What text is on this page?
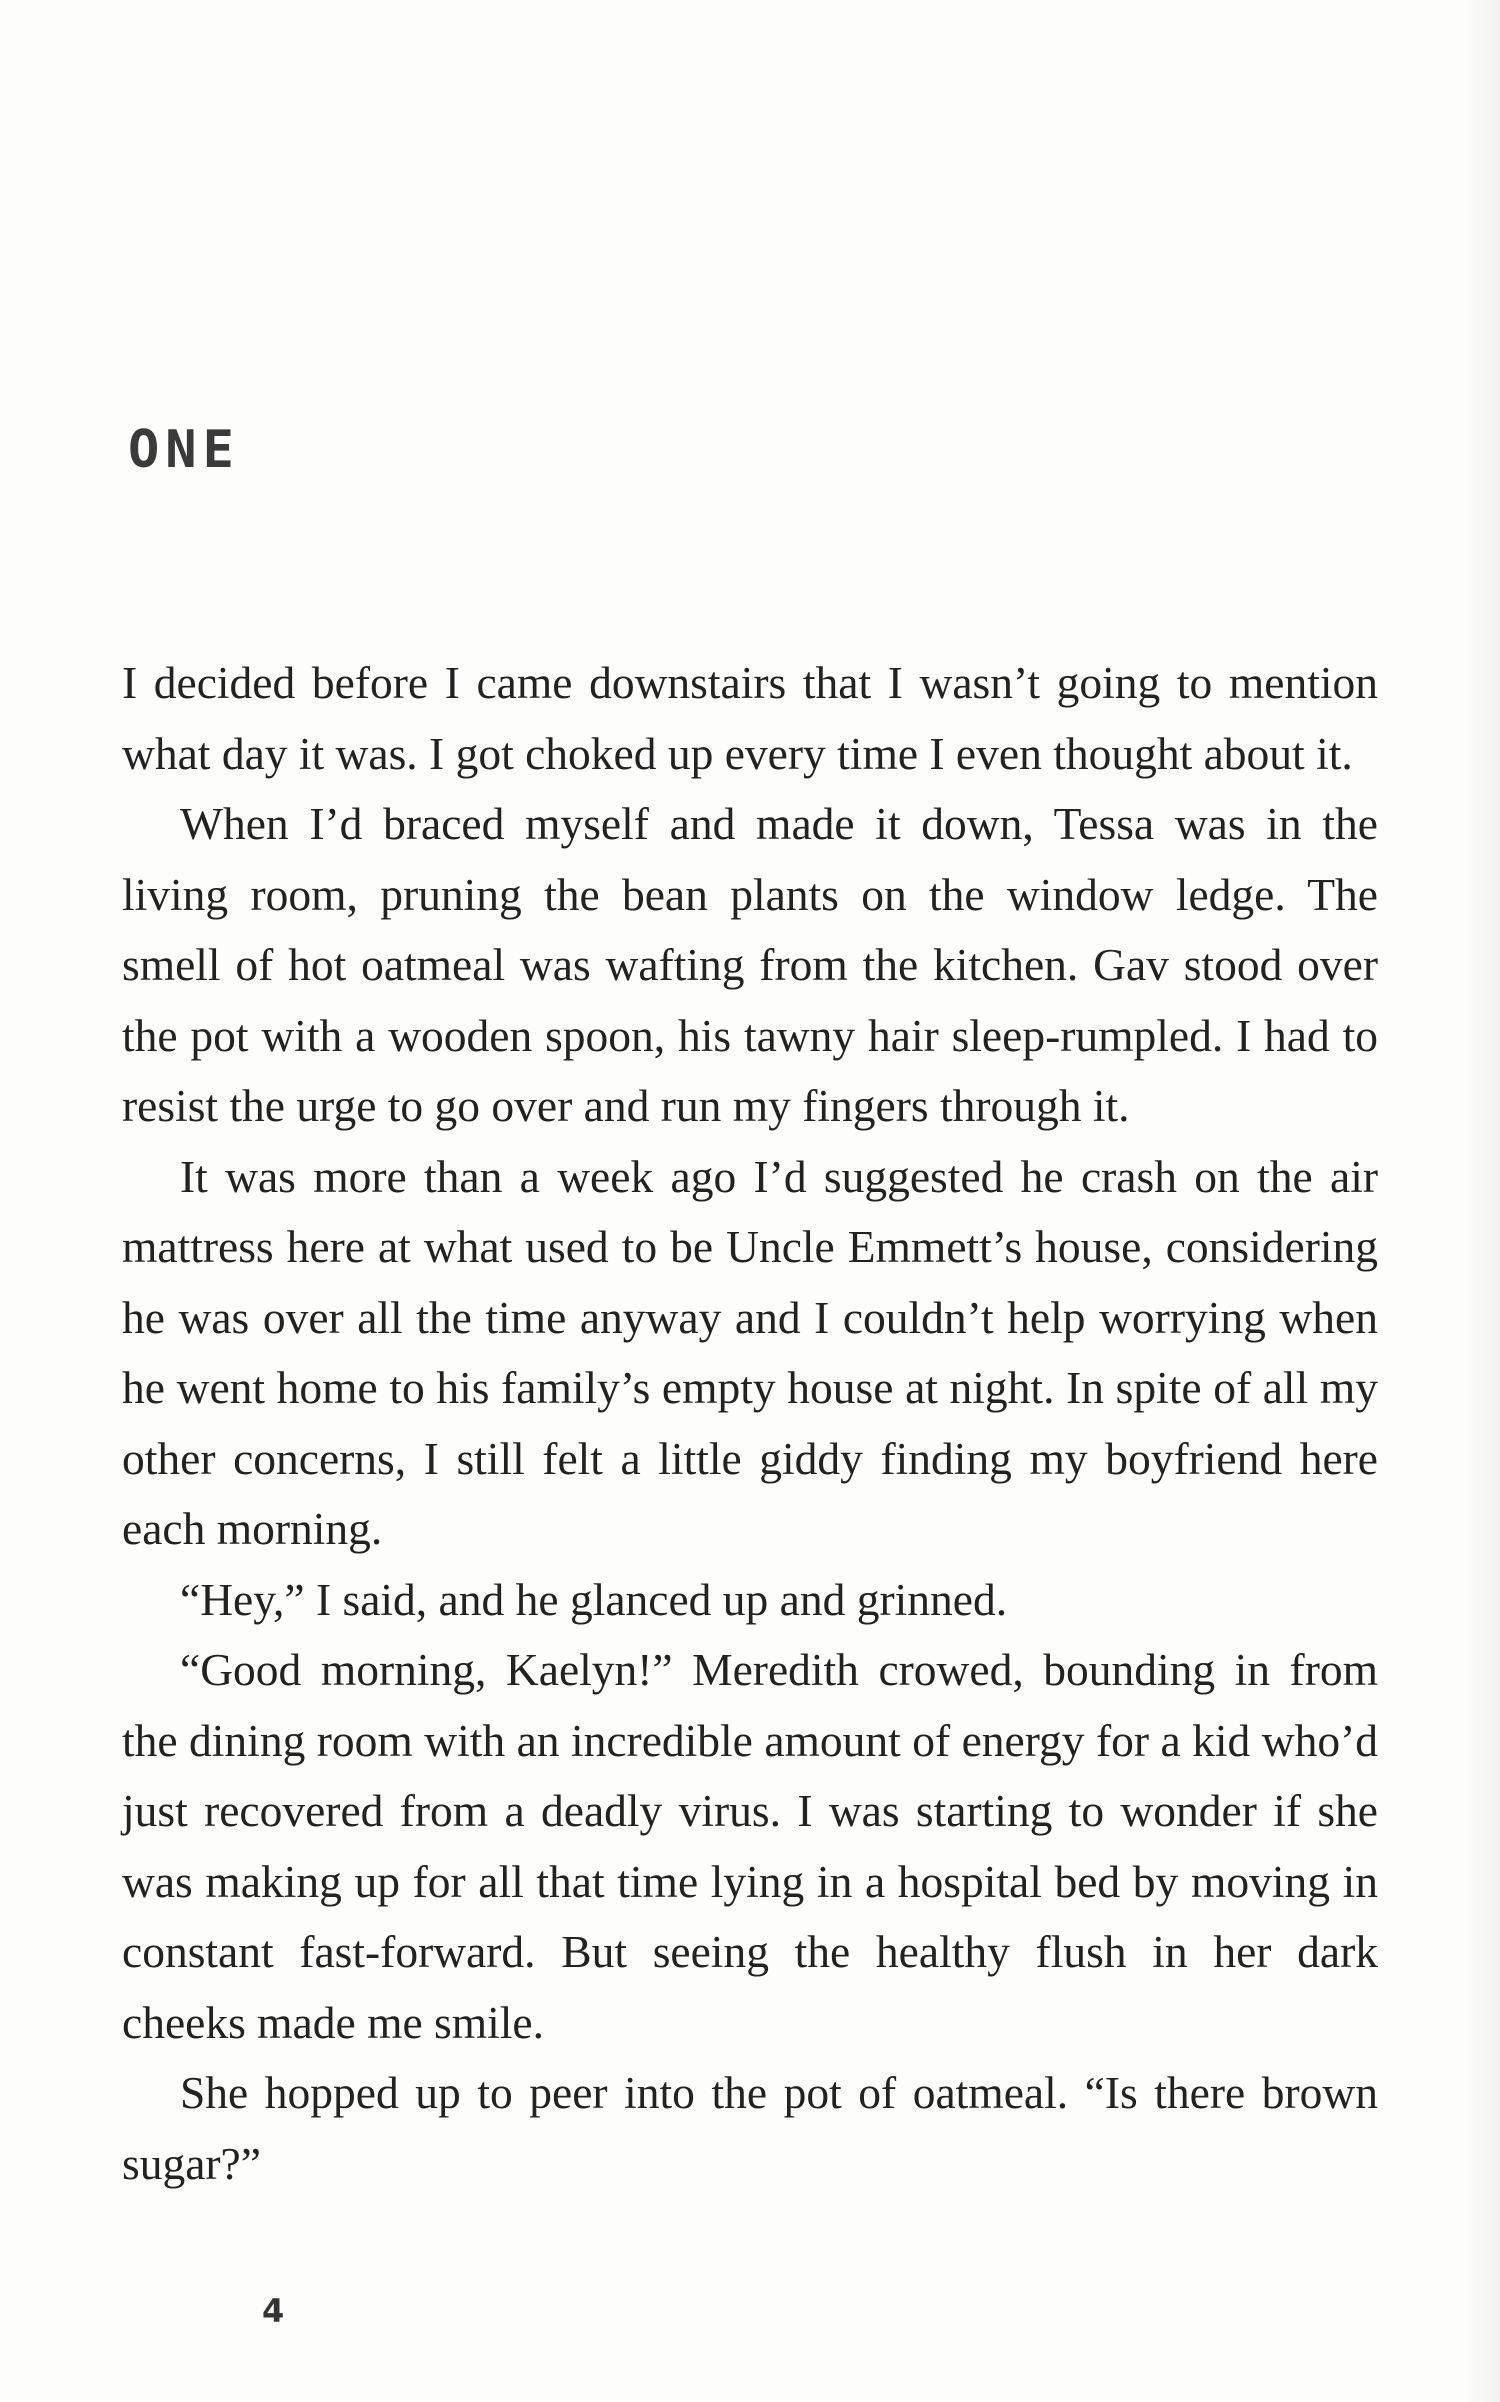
ONE

I decided before I came downstairs that I wasn’t going to mention what day it was. I got choked up every time I even thought about it.

When I’d braced myself and made it down, Tessa was in the living room, pruning the bean plants on the window ledge. The smell of hot oatmeal was wafting from the kitchen. Gav stood over the pot with a wooden spoon, his tawny hair sleep-rumpled. I had to resist the urge to go over and run my fingers through it.

It was more than a week ago I’d suggested he crash on the air mattress here at what used to be Uncle Emmett’s house, considering he was over all the time anyway and I couldn’t help worrying when he went home to his family’s empty house at night. In spite of all my other concerns, I still felt a little giddy finding my boyfriend here each morning.

“Hey,” I said, and he glanced up and grinned.

“Good morning, Kaelyn!” Meredith crowed, bounding in from the dining room with an incredible amount of energy for a kid who’d just recovered from a deadly virus. I was starting to wonder if she was making up for all that time lying in a hospital bed by moving in constant fast-forward. But seeing the healthy flush in her dark cheeks made me smile.

She hopped up to peer into the pot of oatmeal. “Is there brown sugar?”

4
